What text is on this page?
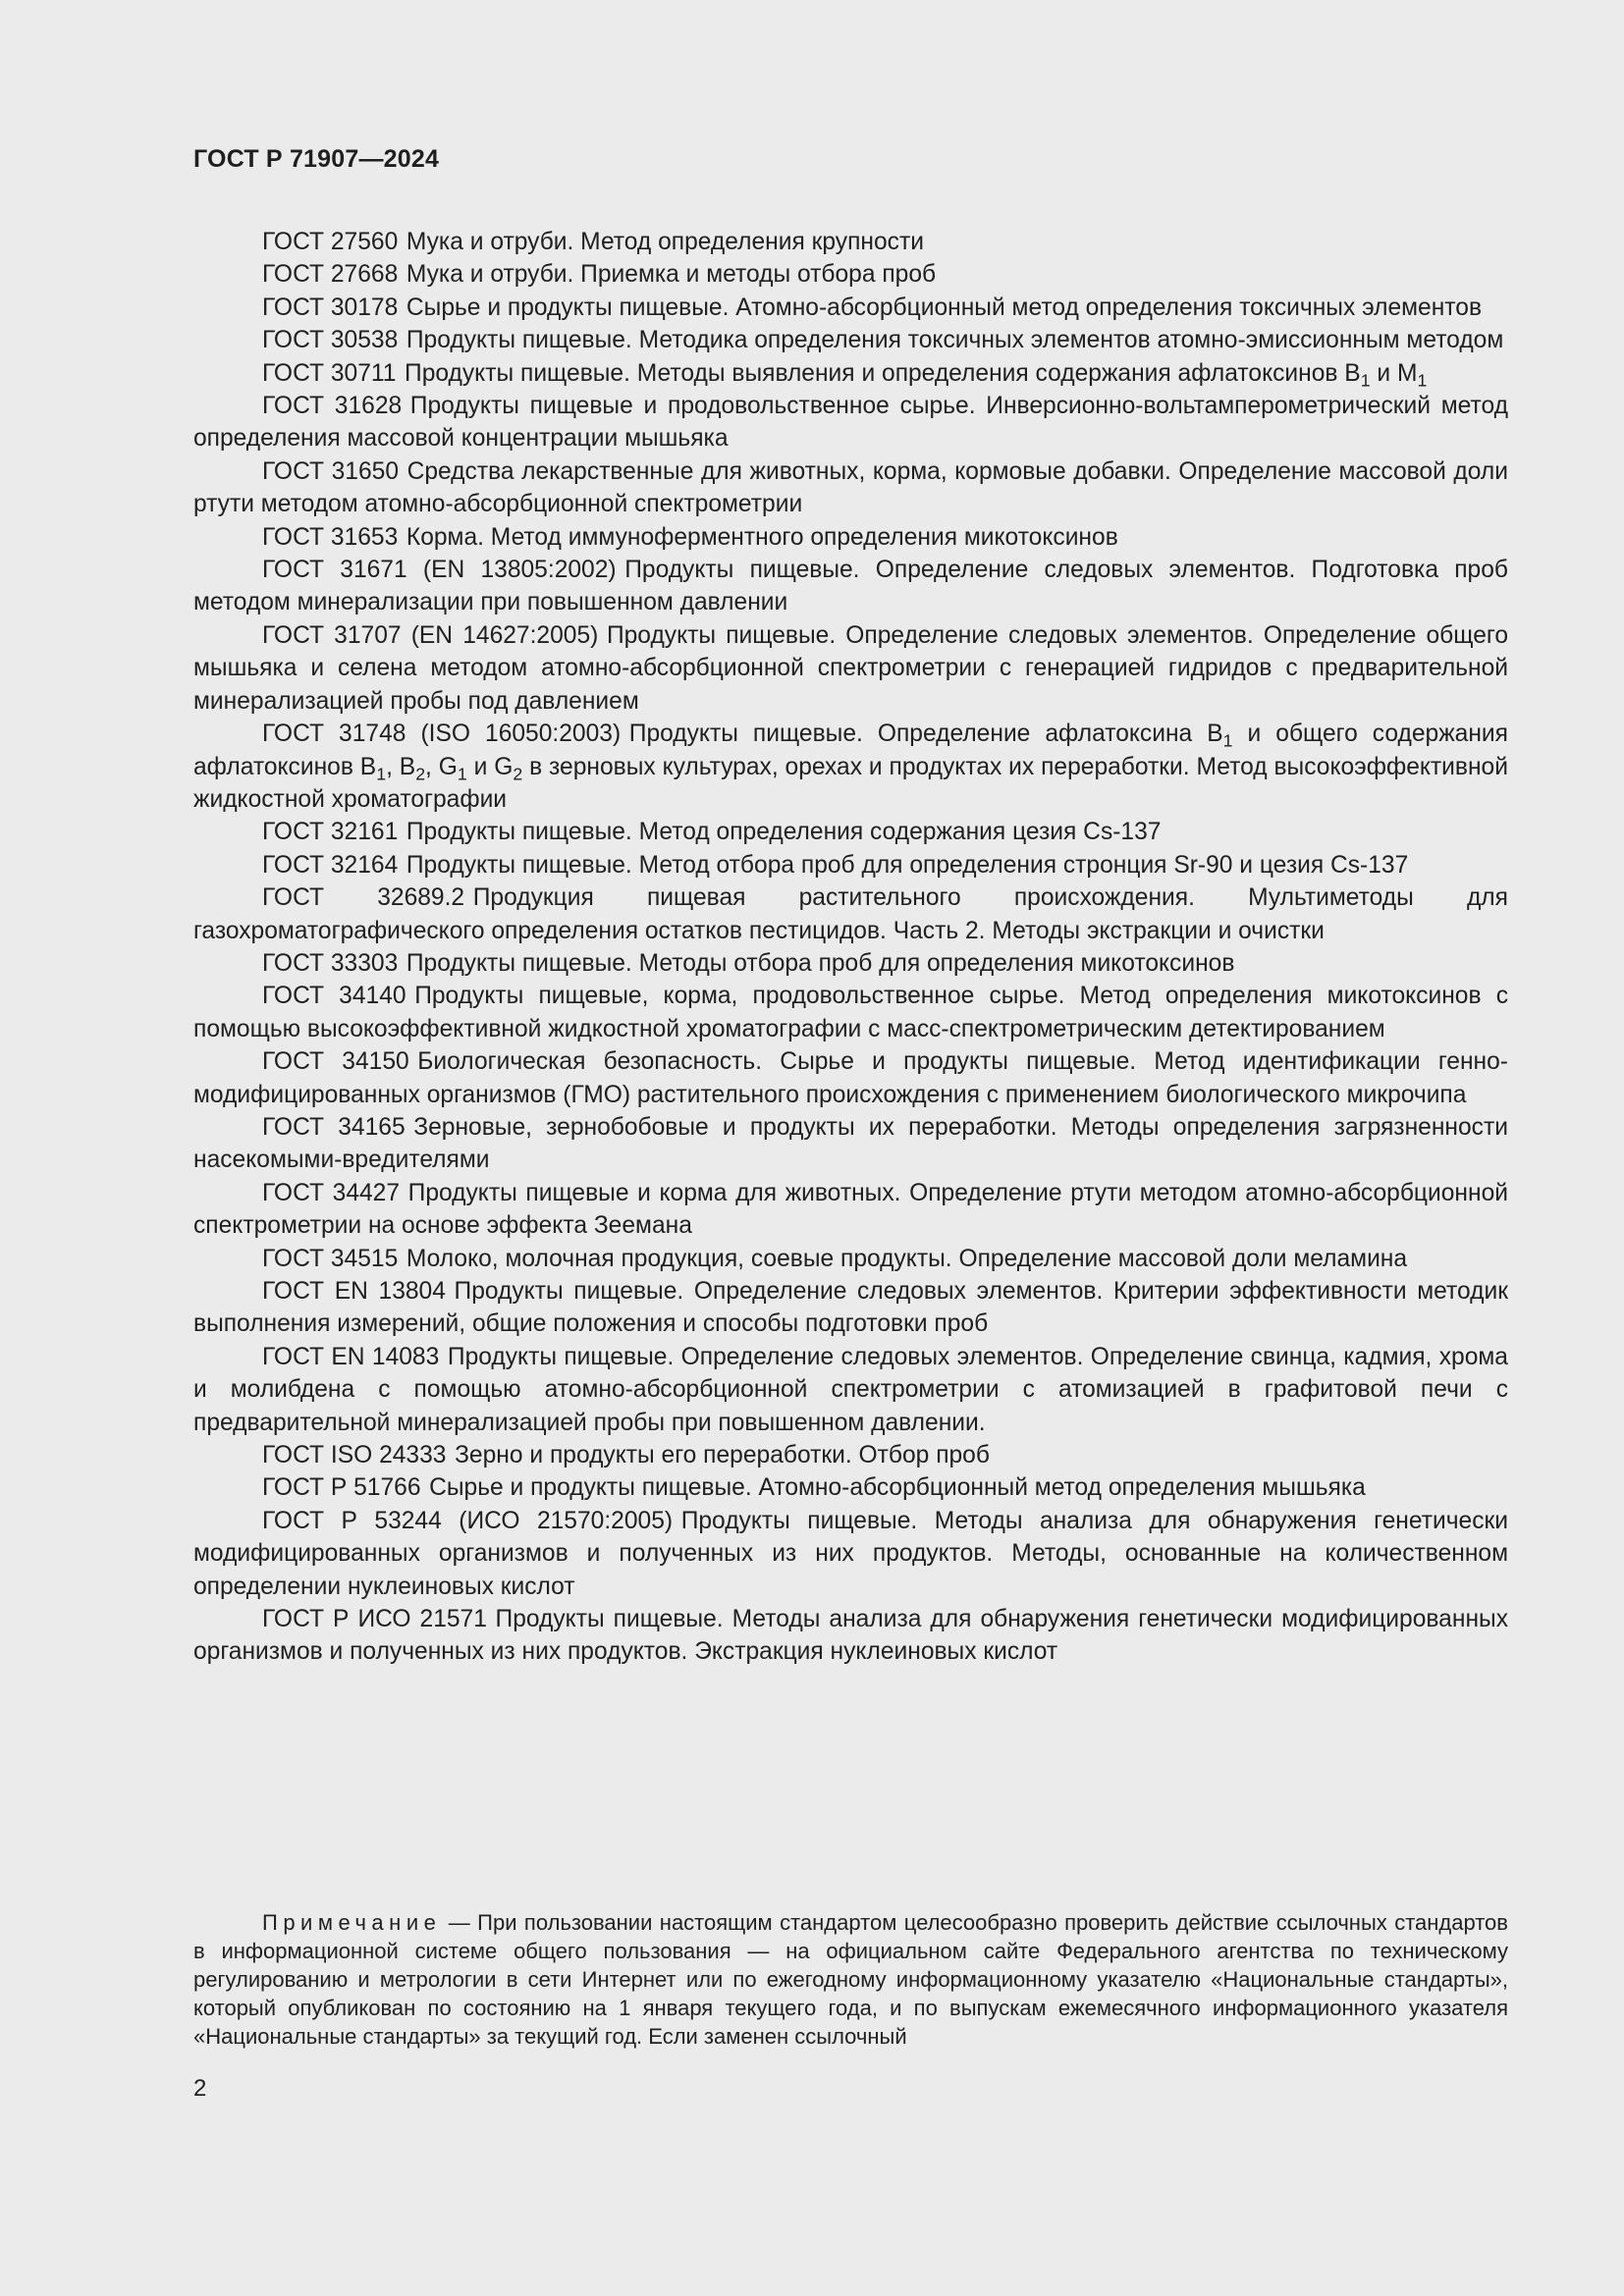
ГОСТ Р 71907—2024

ГОСТ 27560 Мука и отруби. Метод определения крупности

ГОСТ 27668 Мука и отруби. Приемка и методы отбора проб

ГОСТ 30178 Сырье и продукты пищевые. Атомно-абсорбционный метод определения токсичных элементов

ГОСТ 30538 Продукты пищевые. Методика определения токсичных элементов атомно-эмиссионным методом

ГОСТ 30711 Продукты пищевые. Методы выявления и определения содержания афлатоксинов $B_1$ и $M_1$

ГОСТ 31628 Продукты пищевые и продовольственное сырье. Инверсионно-вольтамперометрический метод определения массовой концентрации мышьяка

ГОСТ 31650 Средства лекарственные для животных, корма, кормовые добавки. Определение массовой доли ртути методом атомно-абсорбционной спектрометрии

ГОСТ 31653 Корма. Метод иммуноферментного определения микотоксинов

ГОСТ 31671 (EN 13805:2002) Продукты пищевые. Определение следовых элементов. Подготовка проб методом минерализации при повышенном давлении

ГОСТ 31707 (EN 14627:2005) Продукты пищевые. Определение следовых элементов. Определение общего мышьяка и селена методом атомно-абсорбционной спектрометрии с генерацией гидридов с предварительной минерализацией пробы под давлением

ГОСТ 31748 (ISO 16050:2003) Продукты пищевые. Определение афлатоксина $B_1$ и общего содержания афлатоксинов $B_1$, $B_2$, $G_1$ и $G_2$ в зерновых культурах, орехах и продуктах их переработки. Метод высокоэффективной жидкостной хроматографии

ГОСТ 32161 Продукты пищевые. Метод определения содержания цезия Cs-137

ГОСТ 32164 Продукты пищевые. Метод отбора проб для определения стронция Sr-90 и цезия Cs-137

ГОСТ 32689.2 Продукция пищевая растительного происхождения. Мультиметоды для газохроматографического определения остатков пестицидов. Часть 2. Методы экстракции и очистки

ГОСТ 33303 Продукты пищевые. Методы отбора проб для определения микотоксинов

ГОСТ 34140 Продукты пищевые, корма, продовольственное сырье. Метод определения микотоксинов с помощью высокоэффективной жидкостной хроматографии с масс-спектрометрическим детектированием

ГОСТ 34150 Биологическая безопасность. Сырье и продукты пищевые. Метод идентификации генно-модифицированных организмов (ГМО) растительного происхождения с применением биологического микрочипа

ГОСТ 34165 Зерновые, зернобобовые и продукты их переработки. Методы определения загрязненности насекомыми-вредителями

ГОСТ 34427 Продукты пищевые и корма для животных. Определение ртути методом атомно-абсорбционной спектрометрии на основе эффекта Зеемана

ГОСТ 34515 Молоко, молочная продукция, соевые продукты. Определение массовой доли меламина

ГОСТ EN 13804 Продукты пищевые. Определение следовых элементов. Критерии эффективности методик выполнения измерений, общие положения и способы подготовки проб

ГОСТ EN 14083 Продукты пищевые. Определение следовых элементов. Определение свинца, кадмия, хрома и молибдена с помощью атомно-абсорбционной спектрометрии с атомизацией в графитовой печи с предварительной минерализацией пробы при повышенном давлении.

ГОСТ ISO 24333 Зерно и продукты его переработки. Отбор проб

ГОСТ Р 51766 Сырье и продукты пищевые. Атомно-абсорбционный метод определения мышьяка

ГОСТ Р 53244 (ИСО 21570:2005) Продукты пищевые. Методы анализа для обнаружения генетически модифицированных организмов и полученных из них продуктов. Методы, основанные на количественном определении нуклеиновых кислот

ГОСТ Р ИСО 21571 Продукты пищевые. Методы анализа для обнаружения генетически модифицированных организмов и полученных из них продуктов. Экстракция нуклеиновых кислот

Примечание — При пользовании настоящим стандартом целесообразно проверить действие ссылочных стандартов в информационной системе общего пользования — на официальном сайте Федерального агентства по техническому регулированию и метрологии в сети Интернет или по ежегодному информационному указателю «Национальные стандарты», который опубликован по состоянию на 1 января текущего года, и по выпускам ежемесячного информационного указателя «Национальные стандарты» за текущий год. Если заменен ссылочный

2
